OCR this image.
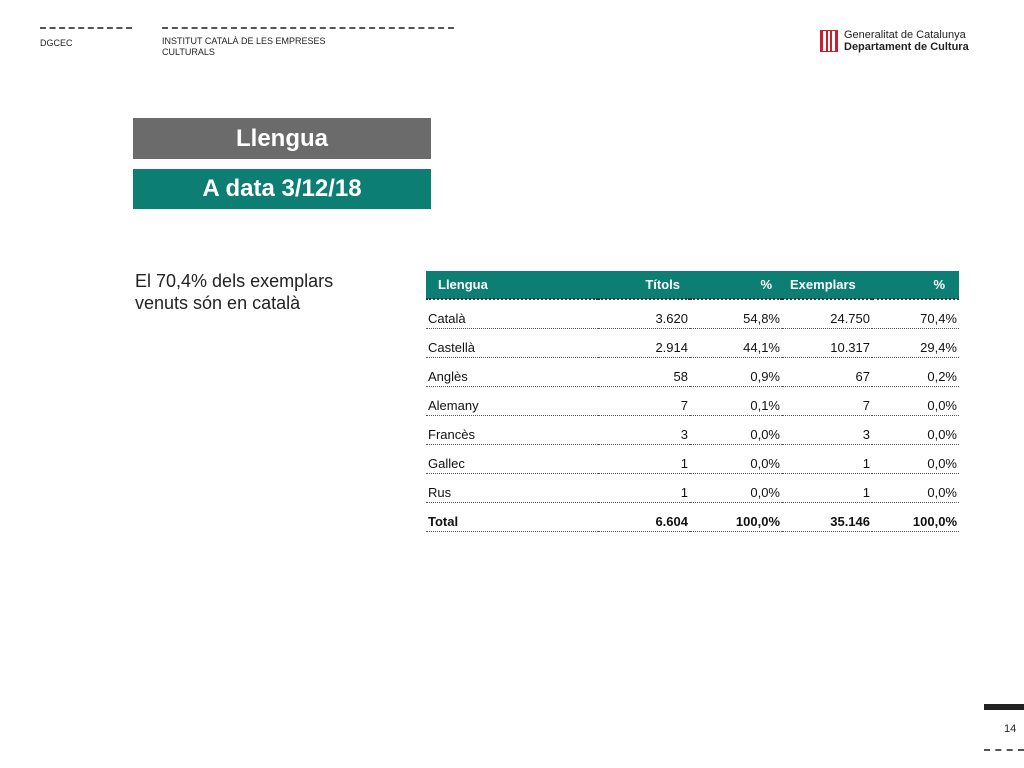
DGCEC	INSTITUT CATALÀ DE LES EMPRESES
CULTURALS
Generalitat de Catalunya
Departament de Cultura
Llengua
A data 3/12/18
El 70,4% dels exemplars venuts són en català
Llengua	Títols	%	Exemplars	%
Català	3.620	54,8%	24.750	70,4%
Castellà	2.914	44,1%	10.317	29,4%
Anglès	58	0,9%	67	0,2%
Alemany	7	0,1%	7	0,0%
Francès	3	0,0%	3	0,0%
Gallec	1	0,0%	1	0,0%
Rus	1	0,0%	1	0,0%
Total	6.604	100,0%	35.146	100,0%
14
